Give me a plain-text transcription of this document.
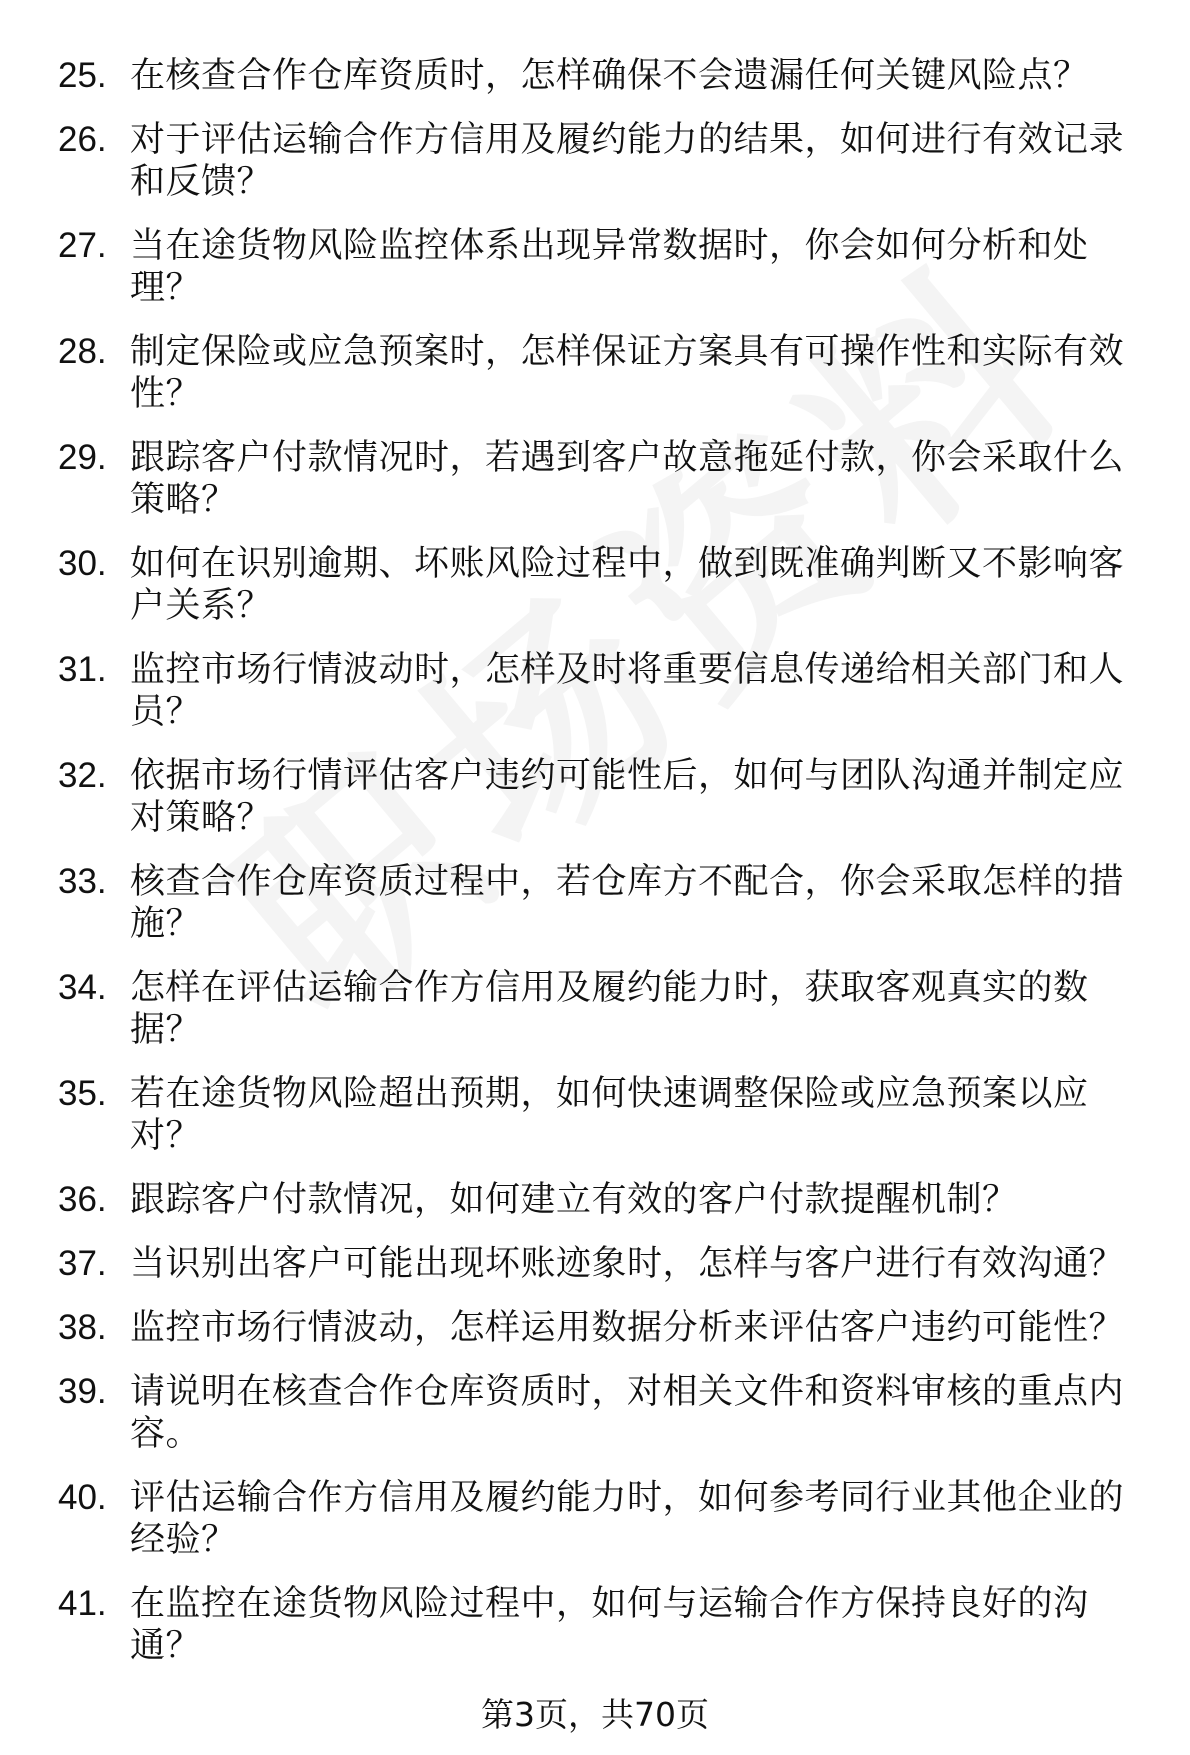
25. 在核查合作仓库资质时，怎样确保不会遗漏任何关键风险点？
26. 对于评估运输合作方信用及履约能力的结果，如何进行有效记录和反馈？
27. 当在途货物风险监控体系出现异常数据时，你会如何分析和处理？
28. 制定保险或应急预案时，怎样保证方案具有可操作性和实际有效性？
29. 跟踪客户付款情况时，若遇到客户故意拖延付款，你会采取什么策略？
30. 如何在识别逾期、坏账风险过程中，做到既准确判断又不影响客户关系？
31. 监控市场行情波动时，怎样及时将重要信息传递给相关部门和人员？
32. 依据市场行情评估客户违约可能性后，如何与团队沟通并制定应对策略？
33. 核查合作仓库资质过程中，若仓库方不配合，你会采取怎样的措施？
34. 怎样在评估运输合作方信用及履约能力时，获取客观真实的数据？
35. 若在途货物风险超出预期，如何快速调整保险或应急预案以应对？
36. 跟踪客户付款情况，如何建立有效的客户付款提醒机制？
37. 当识别出客户可能出现坏账迹象时，怎样与客户进行有效沟通？
38. 监控市场行情波动，怎样运用数据分析来评估客户违约可能性？
39. 请说明在核查合作仓库资质时，对相关文件和资料审核的重点内容。
40. 评估运输合作方信用及履约能力时，如何参考同行业其他企业的经验？
41. 在监控在途货物风险过程中，如何与运输合作方保持良好的沟通？
第3页，共70页
